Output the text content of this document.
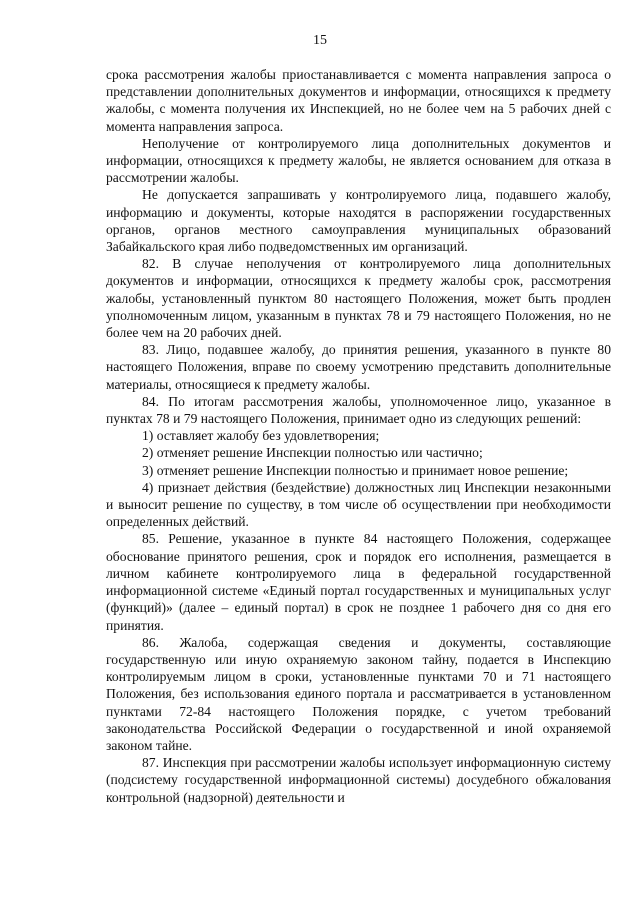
15

срока рассмотрения жалобы приостанавливается с момента направления запроса о представлении дополнительных документов и информации, относящихся к предмету жалобы, с момента получения их Инспекцией, но не более чем на 5 рабочих дней с момента направления запроса.

Неполучение от контролируемого лица дополнительных документов и информации, относящихся к предмету жалобы, не является основанием для отказа в рассмотрении жалобы.

Не допускается запрашивать у контролируемого лица, подавшего жалобу, информацию и документы, которые находятся в распоряжении государственных органов, органов местного самоуправления муниципальных образований Забайкальского края либо подведомственных им организаций.

82. В случае неполучения от контролируемого лица дополнительных документов и информации, относящихся к предмету жалобы срок, рассмотрения жалобы, установленный пунктом 80 настоящего Положения, может быть продлен уполномоченным лицом, указанным в пунктах 78 и 79 настоящего Положения, но не более чем на 20 рабочих дней.

83. Лицо, подавшее жалобу, до принятия решения, указанного в пункте 80 настоящего Положения, вправе по своему усмотрению представить дополнительные материалы, относящиеся к предмету жалобы.

84. По итогам рассмотрения жалобы, уполномоченное лицо, указанное в пунктах 78 и 79 настоящего Положения, принимает одно из следующих решений:

1) оставляет жалобу без удовлетворения;

2) отменяет решение Инспекции полностью или частично;

3) отменяет решение Инспекции полностью и принимает новое решение;

4) признает действия (бездействие) должностных лиц Инспекции незаконными и выносит решение по существу, в том числе об осуществлении при необходимости определенных действий.

85. Решение, указанное в пункте 84 настоящего Положения, содержащее обоснование принятого решения, срок и порядок его исполнения, размещается в личном кабинете контролируемого лица в федеральной государственной информационной системе «Единый портал государственных и муниципальных услуг (функций)» (далее – единый портал) в срок не позднее 1 рабочего дня со дня его принятия.

86. Жалоба, содержащая сведения и документы, составляющие государственную или иную охраняемую законом тайну, подается в Инспекцию контролируемым лицом в сроки, установленные пунктами 70 и 71 настоящего Положения, без использования единого портала и рассматривается в установленном пунктами 72-84 настоящего Положения порядке, с учетом требований законодательства Российской Федерации о государственной и иной охраняемой законом тайне.

87. Инспекция при рассмотрении жалобы использует информационную систему (подсистему государственной информационной системы) досудебного обжалования контрольной (надзорной) деятельности и
